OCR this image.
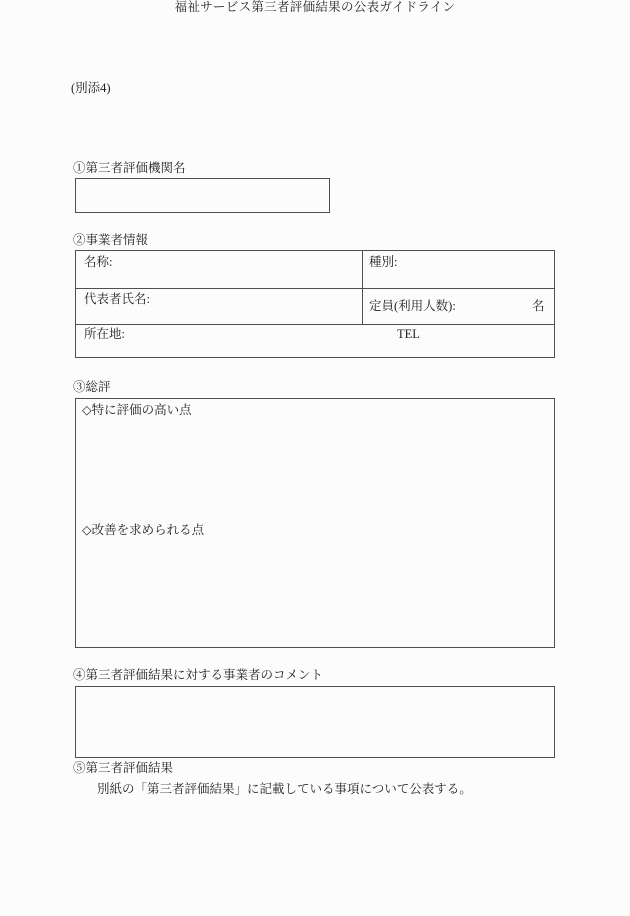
(別添4)
福祉サービス第三者評価結果の公表ガイドライン
①第三者評価機関名
②事業者情報
名称:	種別:
代表者氏名:	定員(利用人数):	名
所在地:	TEL
③総評
◇特に評価の高い点
◇改善を求められる点
④第三者評価結果に対する事業者のコメント
⑤第三者評価結果
別紙の「第三者評価結果」に記載している事項について公表する。
